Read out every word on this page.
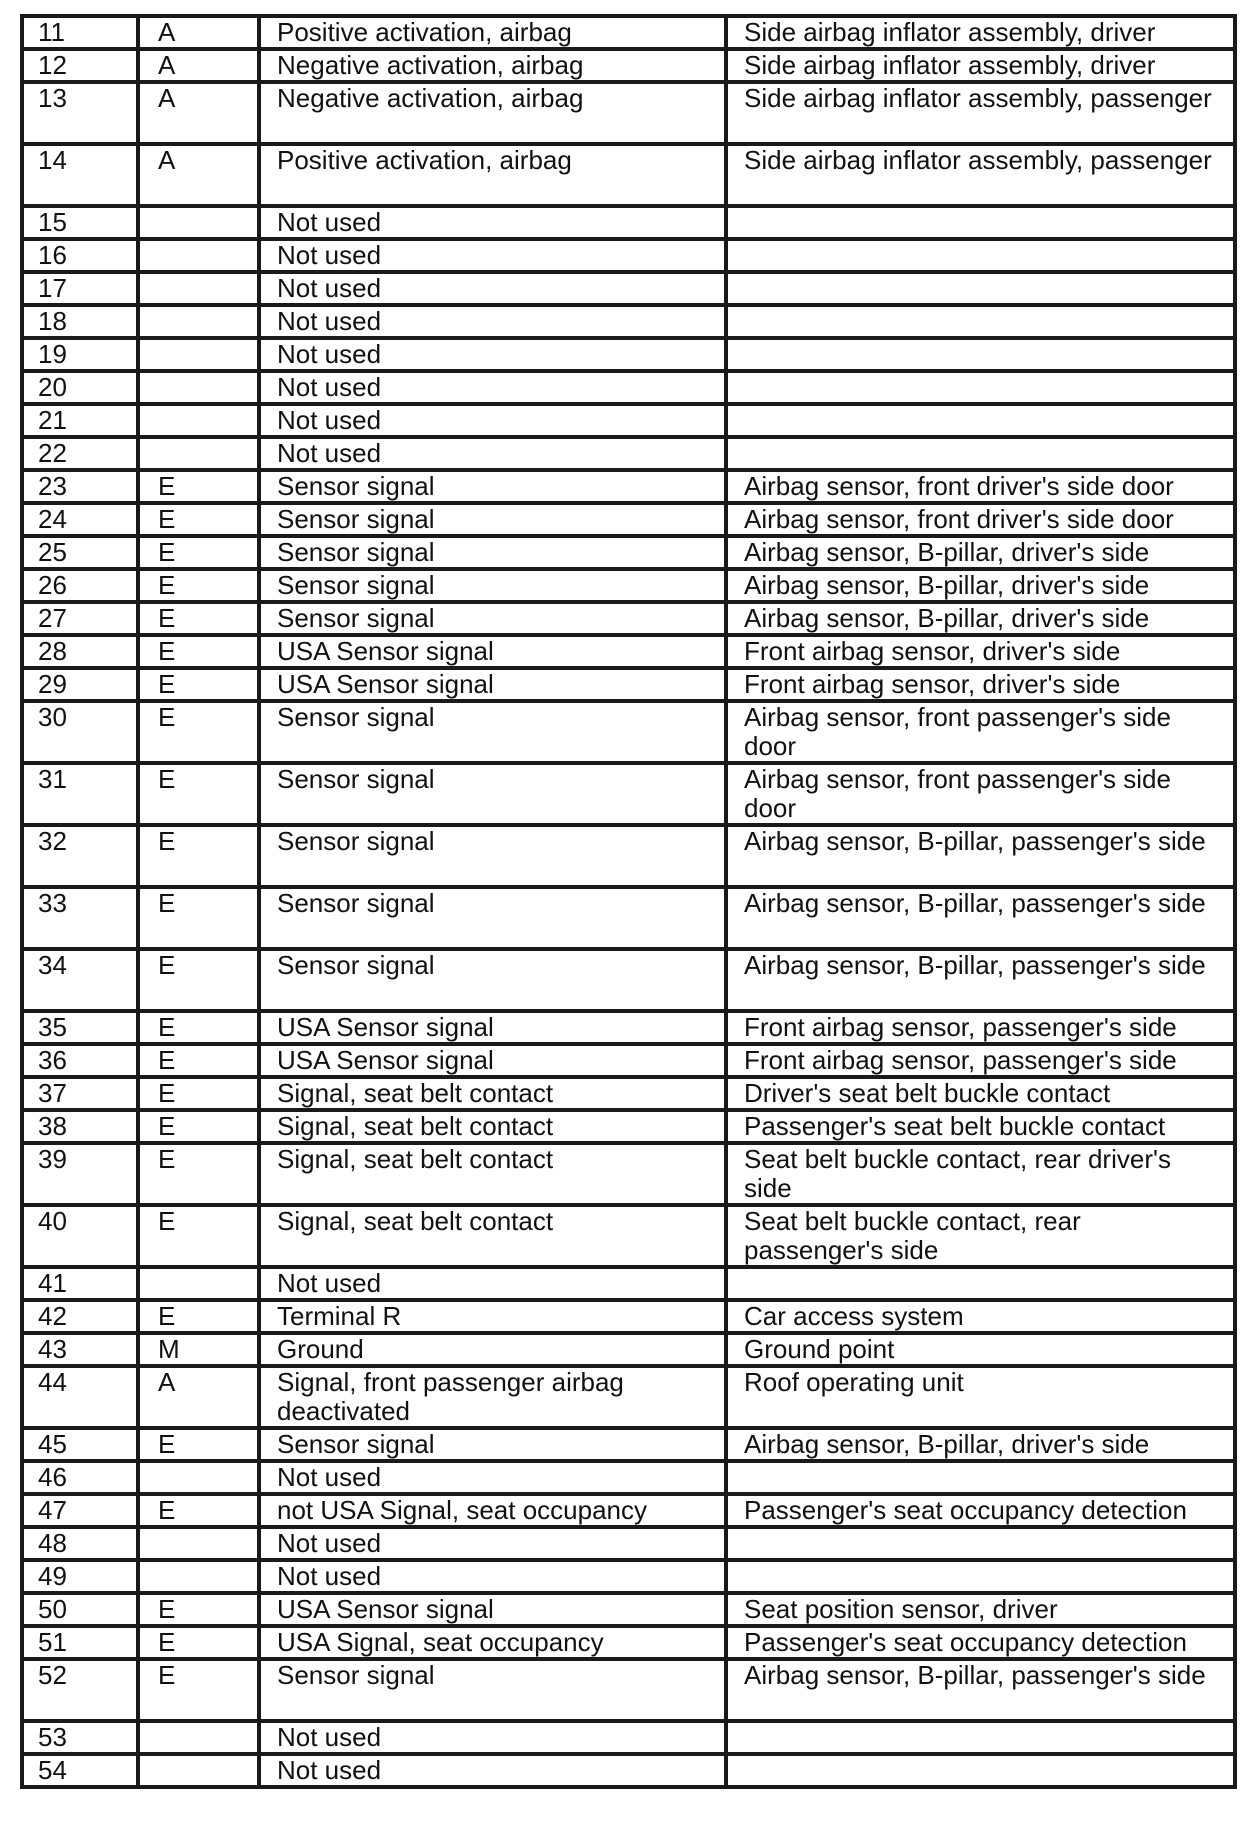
11	A	Positive activation, airbag	Side airbag inflator assembly, driver
12	A	Negative activation, airbag	Side airbag inflator assembly, driver
13	A	Negative activation, airbag	Side airbag inflator assembly, passenger
14	A	Positive activation, airbag	Side airbag inflator assembly, passenger
15		Not used	
16		Not used	
17		Not used	
18		Not used	
19		Not used	
20		Not used	
21		Not used	
22		Not used	
23	E	Sensor signal	Airbag sensor, front driver's side door
24	E	Sensor signal	Airbag sensor, front driver's side door
25	E	Sensor signal	Airbag sensor, B-pillar, driver's side
26	E	Sensor signal	Airbag sensor, B-pillar, driver's side
27	E	Sensor signal	Airbag sensor, B-pillar, driver's side
28	E	USA Sensor signal	Front airbag sensor, driver's side
29	E	USA Sensor signal	Front airbag sensor, driver's side
30	E	Sensor signal	Airbag sensor, front passenger's side door
31	E	Sensor signal	Airbag sensor, front passenger's side door
32	E	Sensor signal	Airbag sensor, B-pillar, passenger's side
33	E	Sensor signal	Airbag sensor, B-pillar, passenger's side
34	E	Sensor signal	Airbag sensor, B-pillar, passenger's side
35	E	USA Sensor signal	Front airbag sensor, passenger's side
36	E	USA Sensor signal	Front airbag sensor, passenger's side
37	E	Signal, seat belt contact	Driver's seat belt buckle contact
38	E	Signal, seat belt contact	Passenger's seat belt buckle contact
39	E	Signal, seat belt contact	Seat belt buckle contact, rear driver's side
40	E	Signal, seat belt contact	Seat belt buckle contact, rear passenger's side
41		Not used	
42	E	Terminal R	Car access system
43	M	Ground	Ground point
44	A	Signal, front passenger airbag deactivated	Roof operating unit
45	E	Sensor signal	Airbag sensor, B-pillar, driver's side
46		Not used	
47	E	not USA Signal, seat occupancy	Passenger's seat occupancy detection
48		Not used	
49		Not used	
50	E	USA Sensor signal	Seat position sensor, driver
51	E	USA Signal, seat occupancy	Passenger's seat occupancy detection
52	E	Sensor signal	Airbag sensor, B-pillar, passenger's side
53		Not used	
54		Not used	
